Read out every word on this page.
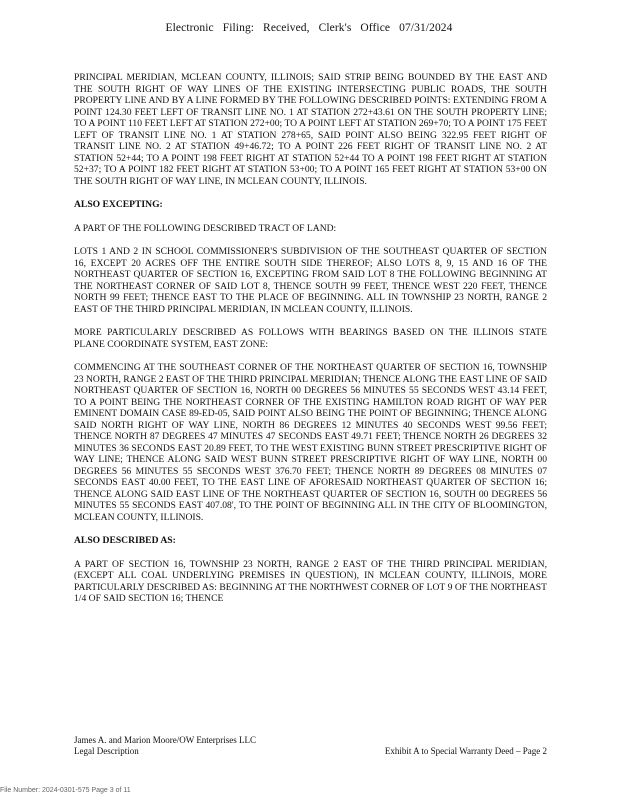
Electronic Filing: Received, Clerk's Office 07/31/2024

PRINCIPAL MERIDIAN, MCLEAN COUNTY, ILLINOIS; SAID STRIP BEING BOUNDED BY THE EAST AND THE SOUTH RIGHT OF WAY LINES OF THE EXISTING INTERSECTING PUBLIC ROADS, THE SOUTH PROPERTY LINE AND BY A LINE FORMED BY THE FOLLOWING DESCRIBED POINTS: EXTENDING FROM A POINT 124.30 FEET LEFT OF TRANSIT LINE NO. 1 AT STATION 272+43.61 ON THE SOUTH PROPERTY LINE; TO A POINT 110 FEET LEFT AT STATION 272+00; TO A POINT LEFT AT STATION 269+70; TO A POINT 175 FEET LEFT OF TRANSIT LINE NO. 1 AT STATION 278+65, SAID POINT ALSO BEING 322.95 FEET RIGHT OF TRANSIT LINE NO. 2 AT STATION 49+46.72; TO A POINT 226 FEET RIGHT OF TRANSIT LINE NO. 2 AT STATION 52+44; TO A POINT 198 FEET RIGHT AT STATION 52+44 TO A POINT 198 FEET RIGHT AT STATION 52+37; TO A POINT 182 FEET RIGHT AT STATION 53+00; TO A POINT 165 FEET RIGHT AT STATION 53+00 ON THE SOUTH RIGHT OF WAY LINE, IN MCLEAN COUNTY, ILLINOIS.

ALSO EXCEPTING:

A PART OF THE FOLLOWING DESCRIBED TRACT OF LAND:

LOTS 1 AND 2 IN SCHOOL COMMISSIONER'S SUBDIVISION OF THE SOUTHEAST QUARTER OF SECTION 16, EXCEPT 20 ACRES OFF THE ENTIRE SOUTH SIDE THEREOF; ALSO LOTS 8, 9, 15 AND 16 OF THE NORTHEAST QUARTER OF SECTION 16, EXCEPTING FROM SAID LOT 8 THE FOLLOWING BEGINNING AT THE NORTHEAST CORNER OF SAID LOT 8, THENCE SOUTH 99 FEET, THENCE WEST 220 FEET, THENCE NORTH 99 FEET; THENCE EAST TO THE PLACE OF BEGINNING. ALL IN TOWNSHIP 23 NORTH, RANGE 2 EAST OF THE THIRD PRINCIPAL MERIDIAN, IN MCLEAN COUNTY, ILLINOIS.

MORE PARTICULARLY DESCRIBED AS FOLLOWS WITH BEARINGS BASED ON THE ILLINOIS STATE PLANE COORDINATE SYSTEM, EAST ZONE:

COMMENCING AT THE SOUTHEAST CORNER OF THE NORTHEAST QUARTER OF SECTION 16, TOWNSHIP 23 NORTH, RANGE 2 EAST OF THE THIRD PRINCIPAL MERIDIAN; THENCE ALONG THE EAST LINE OF SAID NORTHEAST QUARTER OF SECTION 16, NORTH 00 DEGREES 56 MINUTES 55 SECONDS WEST 43.14 FEET, TO A POINT BEING THE NORTHEAST CORNER OF THE EXISTING HAMILTON ROAD RIGHT OF WAY PER EMINENT DOMAIN CASE 89-ED-05, SAID POINT ALSO BEING THE POINT OF BEGINNING; THENCE ALONG SAID NORTH RIGHT OF WAY LINE, NORTH 86 DEGREES 12 MINUTES 40 SECONDS WEST 99.56 FEET; THENCE NORTH 87 DEGREES 47 MINUTES 47 SECONDS EAST 49.71 FEET; THENCE NORTH 26 DEGREES 32 MINUTES 36 SECONDS EAST 20.89 FEET, TO THE WEST EXISTING BUNN STREET PRESCRIPTIVE RIGHT OF WAY LINE; THENCE ALONG SAID WEST BUNN STREET PRESCRIPTIVE RIGHT OF WAY LINE, NORTH 00 DEGREES 56 MINUTES 55 SECONDS WEST 376.70 FEET; THENCE NORTH 89 DEGREES 08 MINUTES 07 SECONDS EAST 40.00 FEET, TO THE EAST LINE OF AFORESAID NORTHEAST QUARTER OF SECTION 16; THENCE ALONG SAID EAST LINE OF THE NORTHEAST QUARTER OF SECTION 16, SOUTH 00 DEGREES 56 MINUTES 55 SECONDS EAST 407.08', TO THE POINT OF BEGINNING ALL IN THE CITY OF BLOOMINGTON, MCLEAN COUNTY, ILLINOIS.

ALSO DESCRIBED AS:

A PART OF SECTION 16, TOWNSHIP 23 NORTH, RANGE 2 EAST OF THE THIRD PRINCIPAL MERIDIAN, (EXCEPT ALL COAL UNDERLYING PREMISES IN QUESTION), IN MCLEAN COUNTY, ILLINOIS, MORE PARTICULARLY DESCRIBED AS: BEGINNING AT THE NORTHWEST CORNER OF LOT 9 OF THE NORTHEAST 1/4 OF SAID SECTION 16; THENCE

James A. and Marion Moore/OW Enterprises LLC
Legal Description	Exhibit A to Special Warranty Deed – Page 2
File Number: 2024-0301-575 Page 3 of 11
